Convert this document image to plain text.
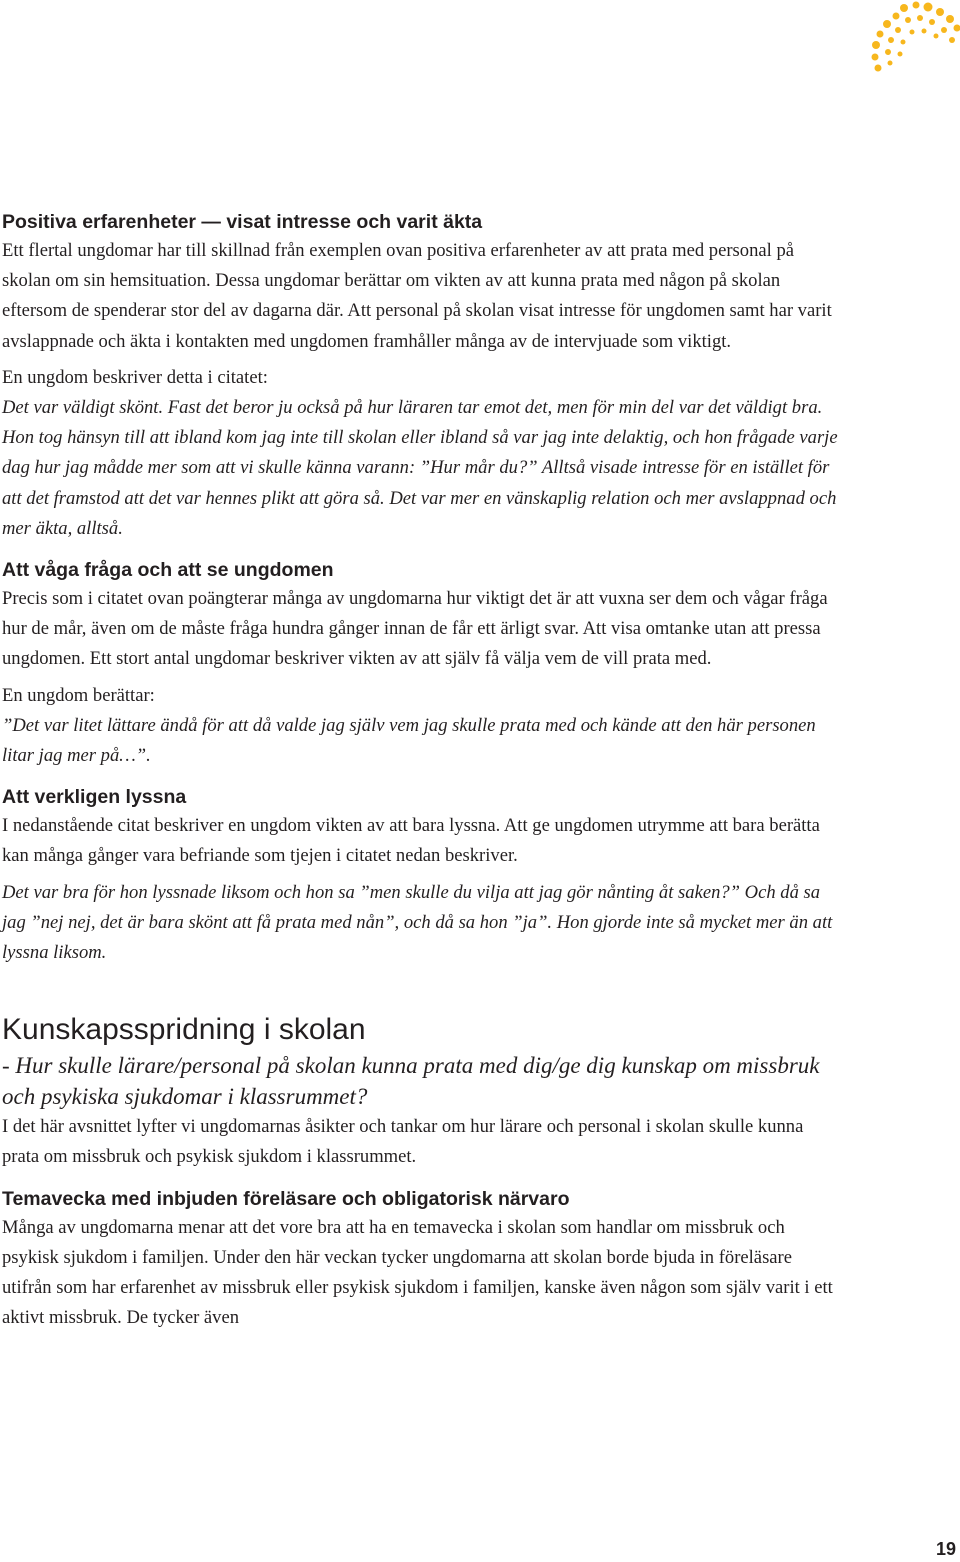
Positiva erfarenheter — visat intresse och varit äkta

Ett flertal ungdomar har till skillnad från exemplen ovan positiva erfarenheter av att prata med personal på skolan om sin hemsituation. Dessa ungdomar berättar om vikten av att kunna prata med någon på skolan eftersom de spenderar stor del av dagarna där. Att personal på skolan visat intresse för ungdomen samt har varit avslappnade och äkta i kontakten med ungdomen framhåller många av de intervjuade som viktigt.

En ungdom beskriver detta i citatet:

Det var väldigt skönt. Fast det beror ju också på hur läraren tar emot det, men för min del var det väldigt bra. Hon tog hänsyn till att ibland kom jag inte till skolan eller ibland så var jag inte delaktig, och hon frågade varje dag hur jag mådde mer som att vi skulle känna varann: ”Hur mår du?” Alltså visade intresse för en istället för att det framstod att det var hennes plikt att göra så. Det var mer en vänskaplig relation och mer avslappnad och mer äkta, alltså.

Att våga fråga och att se ungdomen

Precis som i citatet ovan poängterar många av ungdomarna hur viktigt det är att vuxna ser dem och vågar fråga hur de mår, även om de måste fråga hundra gånger innan de får ett ärligt svar. Att visa omtanke utan att pressa ungdomen. Ett stort antal ungdomar beskriver vikten av att själv få välja vem de vill prata med.

En ungdom berättar:

”Det var litet lättare ändå för att då valde jag själv vem jag skulle prata med och kände att den här personen litar jag mer på…”.

Att verkligen lyssna

I nedanstående citat beskriver en ungdom vikten av att bara lyssna. Att ge ungdomen utrymme att bara berätta kan många gånger vara befriande som tjejen i citatet nedan beskriver.

Det var bra för hon lyssnade liksom och hon sa ”men skulle du vilja att jag gör nånting åt saken?” Och då sa jag ”nej nej, det är bara skönt att få prata med nån”, och då sa hon ”ja”. Hon gjorde inte så mycket mer än att lyssna liksom.

Kunskapsspridning i skolan

- Hur skulle lärare/personal på skolan kunna prata med dig/ge dig kunskap om missbruk och psykiska sjukdomar i klassrummet?

I det här avsnittet lyfter vi ungdomarnas åsikter och tankar om hur lärare och personal i skolan skulle kunna prata om missbruk och psykisk sjukdom i klassrummet.

Temavecka med inbjuden föreläsare och obligatorisk närvaro

Många av ungdomarna menar att det vore bra att ha en temavecka i skolan som handlar om missbruk och psykisk sjukdom i familjen. Under den här veckan tycker ungdomarna att skolan borde bjuda in föreläsare utifrån som har erfarenhet av missbruk eller psykisk sjukdom i familjen, kanske även någon som själv varit i ett aktivt missbruk. De tycker även

19
